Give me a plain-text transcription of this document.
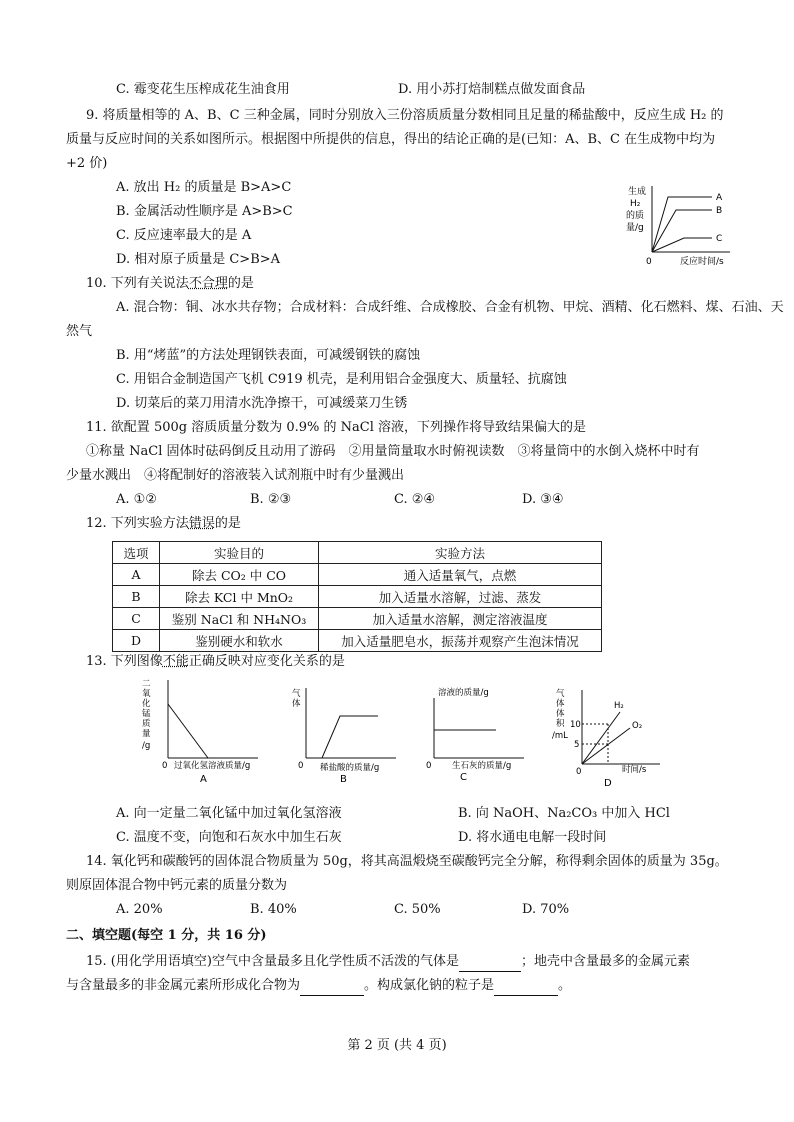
C. 霉变花生压榨成花生油食用	D. 用小苏打焙制糕点做发面食品
9. 将质量相等的 A、B、C 三种金属，同时分别放入三份溶质质量分数相同且足量的稀盐酸中，反应生成 H₂ 的
质量与反应时间的关系如图所示。根据图中所提供的信息，得出的结论正确的是(已知：A、B、C 在生成物中均为
+2 价)
A. 放出 H₂ 的质量是 B>A>C
B. 金属活动性顺序是 A>B>C
C. 反应速率最大的是 A
D. 相对原子质量是 C>B>A
生成
H₂
的质
量/g
A
B
C
0	反应时间/s
10. 下列有关说法不合理的是
A. 混合物：铜、冰水共存物；合成材料：合成纤维、合成橡胶、合金有机物、甲烷、酒精、化石燃料、煤、石油、天
然气
B. 用“烤蓝”的方法处理钢铁表面，可减缓钢铁的腐蚀
C. 用铝合金制造国产飞机 C919 机壳，是利用铝合金强度大、质量轻、抗腐蚀
D. 切菜后的菜刀用清水洗净擦干，可减缓菜刀生锈
11. 欲配置 500g 溶质质量分数为 0.9% 的 NaCl 溶液，下列操作将导致结果偏大的是
①称量 NaCl 固体时砝码倒反且动用了游码　②用量筒量取水时俯视读数　③将量筒中的水倒入烧杯中时有
少量水溅出　④将配制好的溶液装入试剂瓶中时有少量溅出
A. ①②	B. ②③	C. ②④	D. ③④
12. 下列实验方法错误的是
选项	实验目的	实验方法
A	除去 CO₂ 中 CO	通入适量氧气，点燃
B	除去 KCl 中 MnO₂	加入适量水溶解，过滤、蒸发
C	鉴别 NaCl 和 NH₄NO₃	加入适量水溶解，测定溶液温度
D	鉴别硬水和软水	加入适量肥皂水，振荡并观察产生泡沫情况
13. 下列图像不能正确反映对应变化关系的是
二
氧
化
锰
质
量
/g
0 过氧化氢溶液质量/g
A
气
体
0 稀盐酸的质量/g
B
溶液的质量/g
0 生石灰的质量/g
C
气
体
体
积
/mL
10
5
H₂
O₂
0	时间/s
D
A. 向一定量二氧化锰中加过氧化氢溶液	B. 向 NaOH、Na₂CO₃ 中加入 HCl
C. 温度不变，向饱和石灰水中加生石灰	D. 将水通电电解一段时间
14. 氧化钙和碳酸钙的固体混合物质量为 50g，将其高温煅烧至碳酸钙完全分解，称得剩余固体的质量为 35g。
则原固体混合物中钙元素的质量分数为
A. 20%	B. 40%	C. 50%	D. 70%
二、填空题(每空 1 分，共 16 分)
15. (用化学用语填空)空气中含量最多且化学性质不活泼的气体是	；地壳中含量最多的金属元素
与含量最多的非金属元素所形成化合物为	。构成氯化钠的粒子是	。
第 2 页 (共 4 页)
